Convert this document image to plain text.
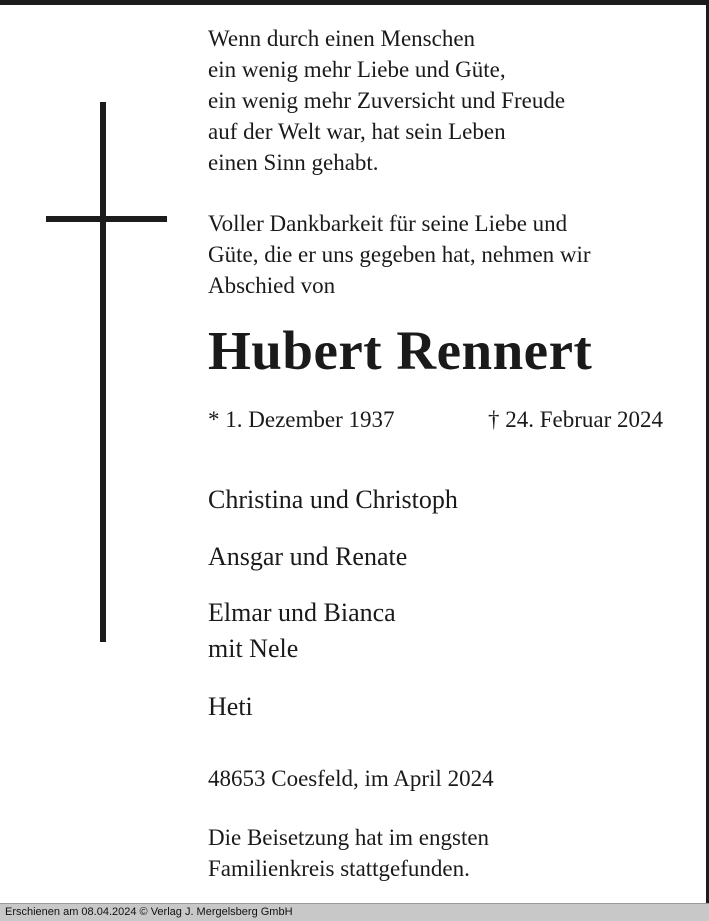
Wenn durch einen Menschen
ein wenig mehr Liebe und Güte,
ein wenig mehr Zuversicht und Freude
auf der Welt war, hat sein Leben
einen Sinn gehabt.

Voller Dankbarkeit für seine Liebe und
Güte, die er uns gegeben hat, nehmen wir
Abschied von

Hubert Rennert
* 1. Dezember 1937	† 24. Februar 2024

Christina und Christoph

Ansgar und Renate

Elmar und Bianca

mit Nele

Heti

48653 Coesfeld, im April 2024

Die Beisetzung hat im engsten
Familienkreis stattgefunden.

Erschienen am 08.04.2024 © Verlag J. Mergelsberg GmbH
